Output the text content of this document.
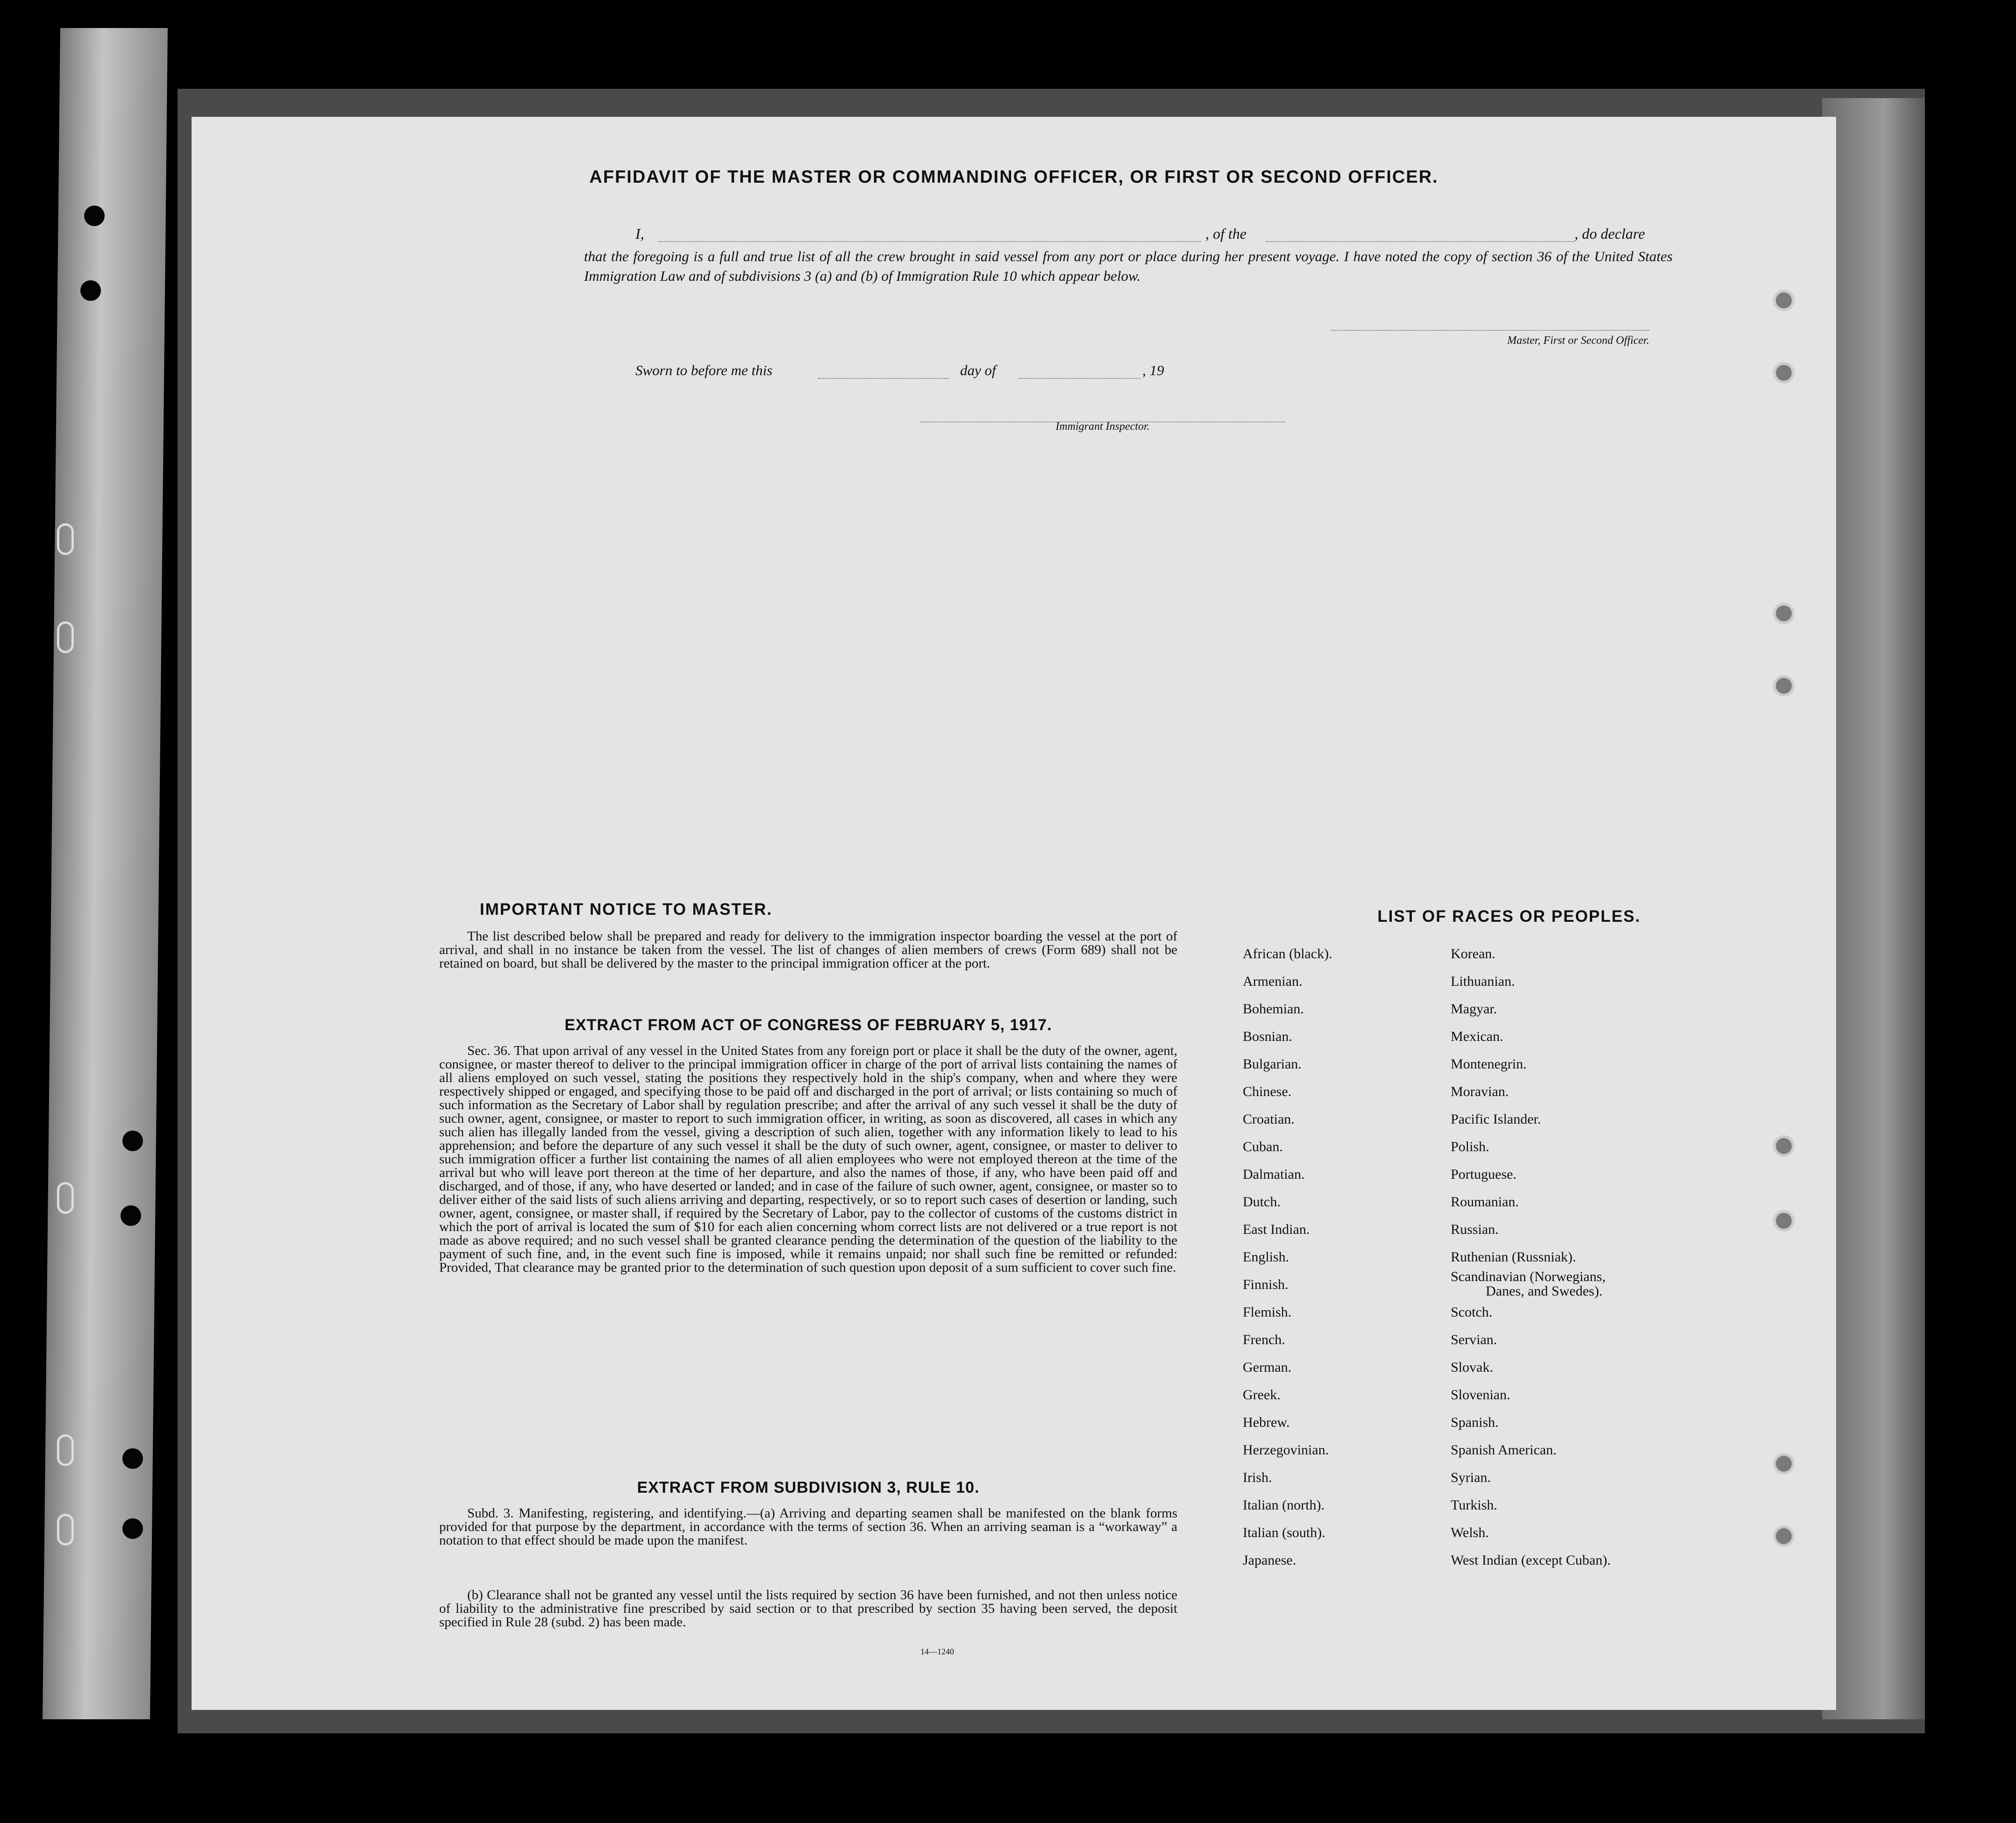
AFFIDAVIT OF THE MASTER OR COMMANDING OFFICER, OR FIRST OR SECOND OFFICER.
I,	, of the	, do declare
that the foregoing is a full and true list of all the crew brought in said vessel from any port or place during her present voyage. I have noted the copy of section 36 of the United States Immigration Law and of subdivisions 3 (a) and (b) of Immigration Rule 10 which appear below.
Master, First or Second Officer.
Sworn to before me this	day of	, 19
Immigrant Inspector.
IMPORTANT NOTICE TO MASTER.
The list described below shall be prepared and ready for delivery to the immigration inspector boarding the vessel at the port of arrival, and shall in no instance be taken from the vessel. The list of changes of alien members of crews (Form 689) shall not be retained on board, but shall be delivered by the master to the principal immigration officer at the port.
EXTRACT FROM ACT OF CONGRESS OF FEBRUARY 5, 1917.
Sec. 36. That upon arrival of any vessel in the United States from any foreign port or place it shall be the duty of the owner, agent, consignee, or master thereof to deliver to the principal immigration officer in charge of the port of arrival lists containing the names of all aliens employed on such vessel, stating the positions they respectively hold in the ship's company, when and where they were respectively shipped or engaged, and specifying those to be paid off and discharged in the port of arrival; or lists containing so much of such information as the Secretary of Labor shall by regulation prescribe; and after the arrival of any such vessel it shall be the duty of such owner, agent, consignee, or master to report to such immigration officer, in writing, as soon as discovered, all cases in which any such alien has illegally landed from the vessel, giving a description of such alien, together with any information likely to lead to his apprehension; and before the departure of any such vessel it shall be the duty of such owner, agent, consignee, or master to deliver to such immigration officer a further list containing the names of all alien employees who were not employed thereon at the time of the arrival but who will leave port thereon at the time of her departure, and also the names of those, if any, who have been paid off and discharged, and of those, if any, who have deserted or landed; and in case of the failure of such owner, agent, consignee, or master so to deliver either of the said lists of such aliens arriving and departing, respectively, or so to report such cases of desertion or landing, such owner, agent, consignee, or master shall, if required by the Secretary of Labor, pay to the collector of customs of the customs district in which the port of arrival is located the sum of $10 for each alien concerning whom correct lists are not delivered or a true report is not made as above required; and no such vessel shall be granted clearance pending the determination of the question of the liability to the payment of such fine, and, in the event such fine is imposed, while it remains unpaid; nor shall such fine be remitted or refunded: Provided, That clearance may be granted prior to the determination of such question upon deposit of a sum sufficient to cover such fine.
EXTRACT FROM SUBDIVISION 3, RULE 10.
Subd. 3. Manifesting, registering, and identifying.—(a) Arriving and departing seamen shall be manifested on the blank forms provided for that purpose by the department, in accordance with the terms of section 36. When an arriving seaman is a “workaway” a notation to that effect should be made upon the manifest.
(b) Clearance shall not be granted any vessel until the lists required by section 36 have been furnished, and not then unless notice of liability to the administrative fine prescribed by said section or to that prescribed by section 35 having been served, the deposit specified in Rule 28 (subd. 2) has been made.
14—1240
LIST OF RACES OR PEOPLES.
African (black).
Armenian.
Bohemian.
Bosnian.
Bulgarian.
Chinese.
Croatian.
Cuban.
Dalmatian.
Dutch.
East Indian.
English.
Finnish.
Flemish.
French.
German.
Greek.
Hebrew.
Herzegovinian.
Irish.
Italian (north).
Italian (south).
Japanese.
Korean.
Lithuanian.
Magyar.
Mexican.
Montenegrin.
Moravian.
Pacific Islander.
Polish.
Portuguese.
Roumanian.
Russian.
Ruthenian (Russniak).
Scandinavian (Norwegians,
Danes, and Swedes).
Scotch.
Servian.
Slovak.
Slovenian.
Spanish.
Spanish American.
Syrian.
Turkish.
Welsh.
West Indian (except Cuban).
